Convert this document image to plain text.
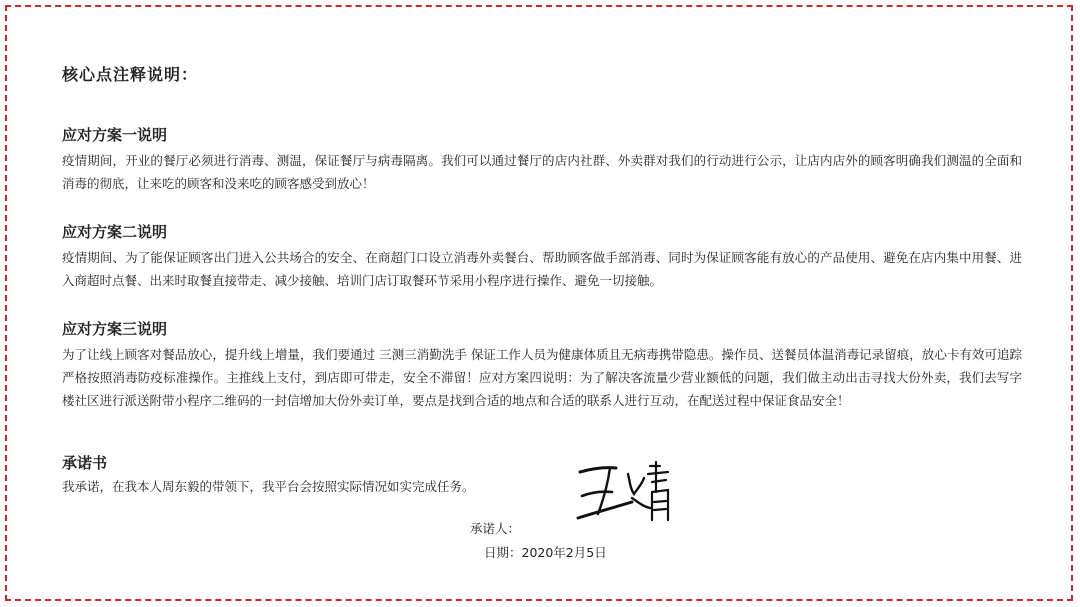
核心点注释说明：
应对方案一说明

疫情期间，开业的餐厅必须进行消毒、测温，保证餐厅与病毒隔离。我们可以通过餐厅的店内社群、外卖群对我们的行动进行公示，让店内店外的顾客明确我们测温的全面和消毒的彻底，让来吃的顾客和没来吃的顾客感受到放心！

应对方案二说明

疫情期间、为了能保证顾客出门进入公共场合的安全、在商超门口设立消毒外卖餐台、帮助顾客做手部消毒、同时为保证顾客能有放心的产品使用、避免在店内集中用餐、进入商超时点餐、出来时取餐直接带走、减少接触、培训门店订取餐环节采用小程序进行操作、避免一切接触。

应对方案三说明

为了让线上顾客对餐品放心，提升线上增量，我们要通过 三测三消勤洗手 保证工作人员为健康体质且无病毒携带隐患。操作员、送餐员体温消毒记录留痕，放心卡有效可追踪 严格按照消毒防疫标准操作。主推线上支付，到店即可带走，安全不滞留！应对方案四说明：为了解决客流量少营业额低的问题，我们做主动出击寻找大份外卖，我们去写字楼社区进行派送附带小程序二维码的一封信增加大份外卖订单，要点是找到合适的地点和合适的联系人进行互动，在配送过程中保证食品安全！

承诺书

我承诺，在我本人周东毅的带领下，我平台会按照实际情况如实完成任务。

承诺人：
日期：2020年2月5日
